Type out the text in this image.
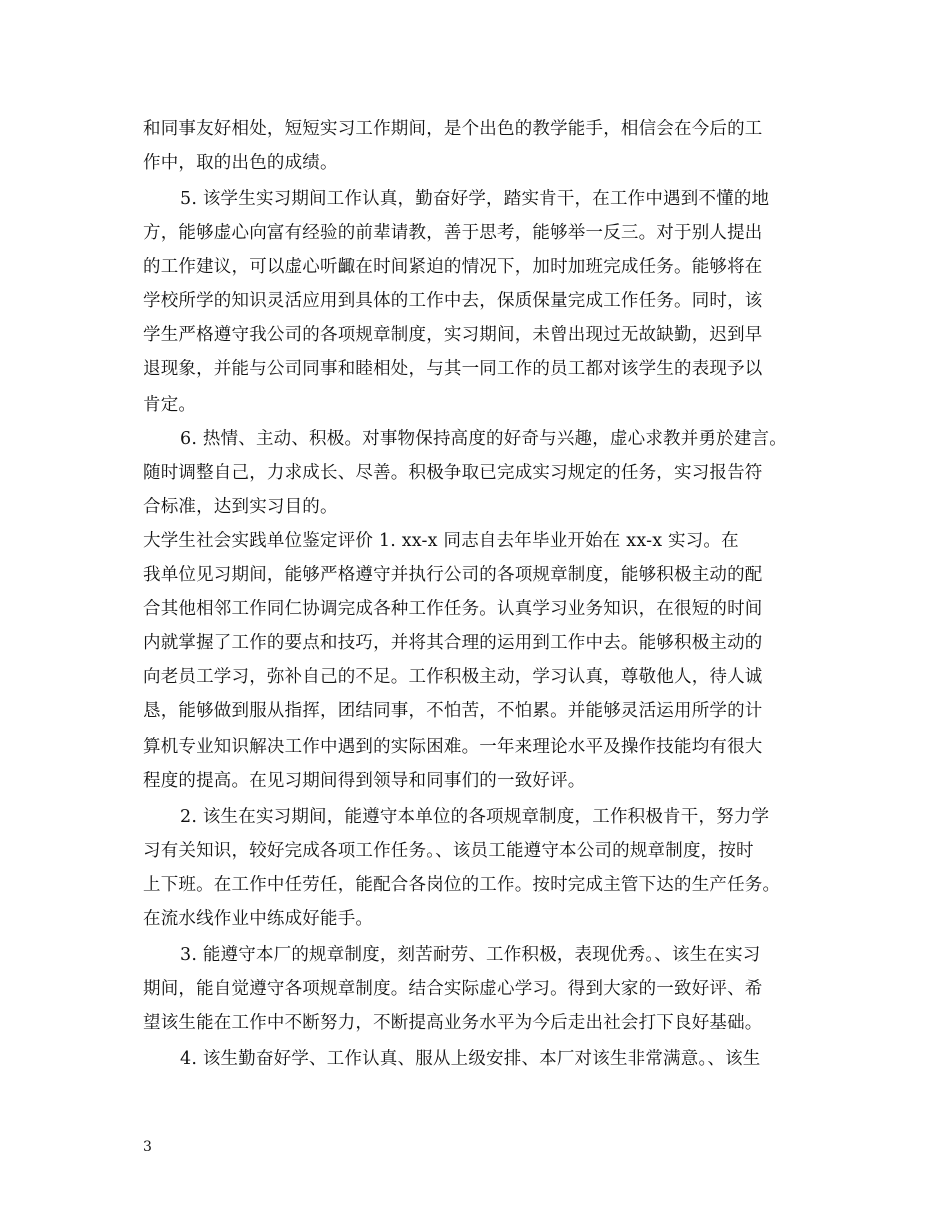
和同事友好相处，短短实习工作期间，是个出色的教学能手，相信会在今后的工
作中，取的出色的成绩。
5. 该学生实习期间工作认真，勤奋好学，踏实肯干，在工作中遇到不懂的地
方，能够虚心向富有经验的前辈请教，善于思考，能够举一反三。对于别人提出
的工作建议，可以虚心听齱在时间紧迫的情况下，加时加班完成任务。能够将在
学校所学的知识灵活应用到具体的工作中去，保质保量完成工作任务。同时，该
学生严格遵守我公司的各项规章制度，实习期间，未曾出现过无故缺勤，迟到早
退现象，并能与公司同事和睦相处，与其一同工作的员工都对该学生的表现予以
肯定。
6. 热情、主动、积极。对事物保持高度的好奇与兴趣，虚心求教并勇於建言。
随时调整自己，力求成长、尽善。积极争取已完成实习规定的任务，实习报告符
合标准，达到实习目的。
大学生社会实践单位鉴定评价 1. xx-x 同志自去年毕业开始在 xx-x 实习。在
我单位见习期间，能够严格遵守并执行公司的各项规章制度，能够积极主动的配
合其他相邻工作同仁协调完成各种工作任务。认真学习业务知识，在很短的时间
内就掌握了工作的要点和技巧，并将其合理的运用到工作中去。能够积极主动的
向老员工学习，弥补自己的不足。工作积极主动，学习认真，尊敬他人，待人诚
恳，能够做到服从指挥，团结同事，不怕苦，不怕累。并能够灵活运用所学的计
算机专业知识解决工作中遇到的实际困难。一年来理论水平及操作技能均有很大
程度的提高。在见习期间得到领导和同事们的一致好评。
2. 该生在实习期间，能遵守本单位的各项规章制度，工作积极肯干，努力学
习有关知识，较好完成各项工作任务。、该员工能遵守本公司的规章制度，按时
上下班。在工作中任劳任，能配合各岗位的工作。按时完成主管下达的生产任务。
在流水线作业中练成好能手。
3. 能遵守本厂的规章制度，刻苦耐劳、工作积极，表现优秀。、该生在实习
期间，能自觉遵守各项规章制度。结合实际虚心学习。得到大家的一致好评、希
望该生能在工作中不断努力，不断提高业务水平为今后走出社会打下良好基础。
4. 该生勤奋好学、工作认真、服从上级安排、本厂对该生非常满意。、该生
3
